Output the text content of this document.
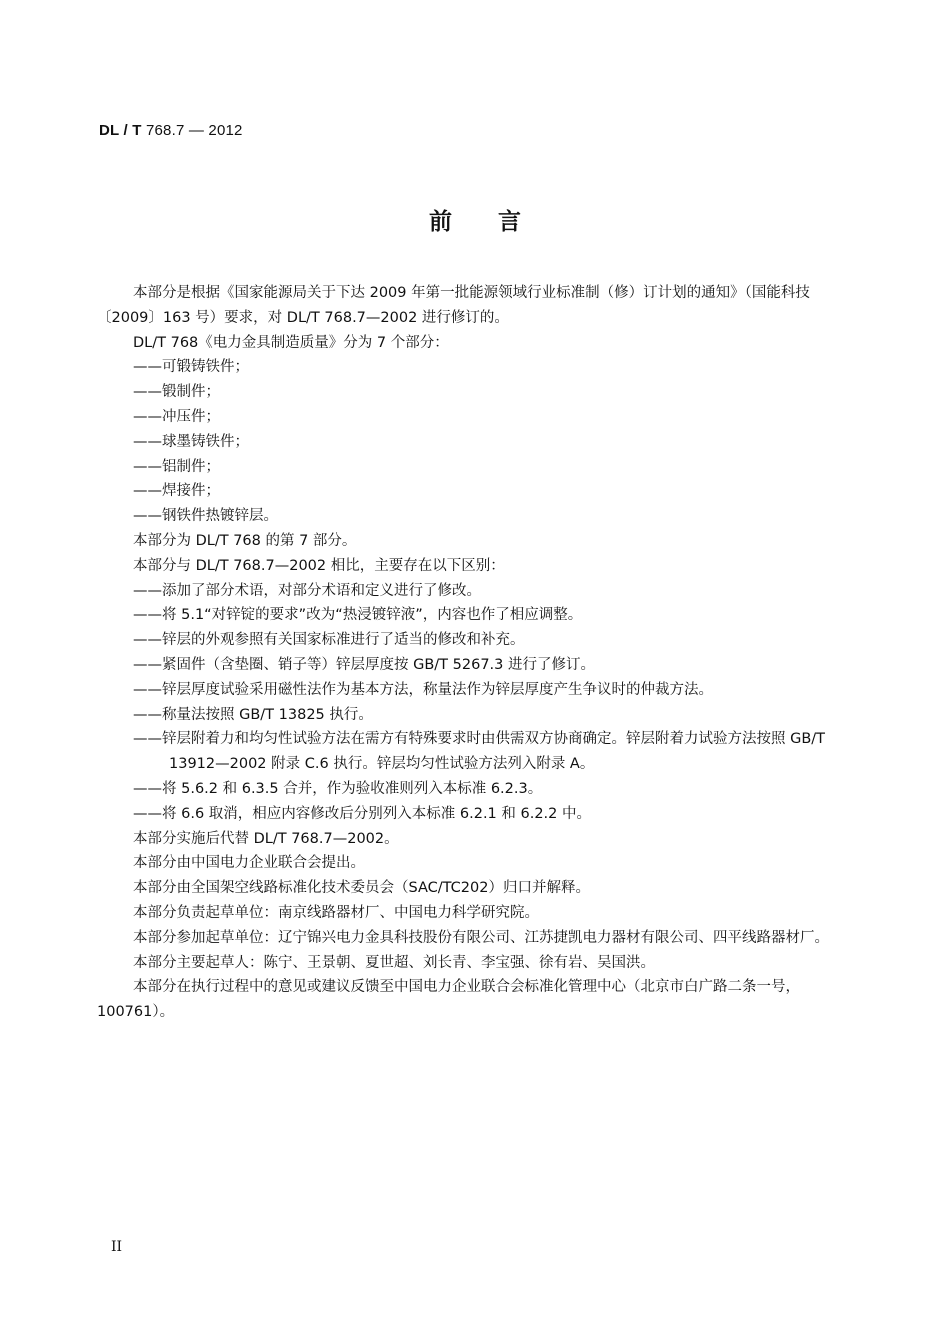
DL / T 768.7 — 2012
前言

本部分是根据《国家能源局关于下达 2009 年第一批能源领域行业标准制（修）订计划的通知》（国能科技〔2009〕163 号）要求，对 DL/T 768.7—2002 进行修订的。

DL/T 768《电力金具制造质量》分为 7 个部分：

——可锻铸铁件；

——锻制件；

——冲压件；

——球墨铸铁件；

——铝制件；

——焊接件；

——钢铁件热镀锌层。

本部分为 DL/T 768 的第 7 部分。

本部分与 DL/T 768.7—2002 相比，主要存在以下区别：

——添加了部分术语，对部分术语和定义进行了修改。

——将 5.1“对锌锭的要求”改为“热浸镀锌液”，内容也作了相应调整。

——锌层的外观参照有关国家标准进行了适当的修改和补充。

——紧固件（含垫圈、销子等）锌层厚度按 GB/T 5267.3 进行了修订。

——锌层厚度试验采用磁性法作为基本方法，称量法作为锌层厚度产生争议时的仲裁方法。

——称量法按照 GB/T 13825 执行。

——锌层附着力和均匀性试验方法在需方有特殊要求时由供需双方协商确定。锌层附着力试验方法按照 GB/T 13912—2002 附录 C.6 执行。锌层均匀性试验方法列入附录 A。

——将 5.6.2 和 6.3.5 合并，作为验收准则列入本标准 6.2.3。

——将 6.6 取消，相应内容修改后分别列入本标准 6.2.1 和 6.2.2 中。

本部分实施后代替 DL/T 768.7—2002。

本部分由中国电力企业联合会提出。

本部分由全国架空线路标准化技术委员会（SAC/TC202）归口并解释。

本部分负责起草单位：南京线路器材厂、中国电力科学研究院。

本部分参加起草单位：辽宁锦兴电力金具科技股份有限公司、江苏捷凯电力器材有限公司、四平线路器材厂。

本部分主要起草人：陈宁、王景朝、夏世超、刘长青、李宝强、徐有岩、吴国洪。

本部分在执行过程中的意见或建议反馈至中国电力企业联合会标准化管理中心（北京市白广路二条一号，100761）。

II
